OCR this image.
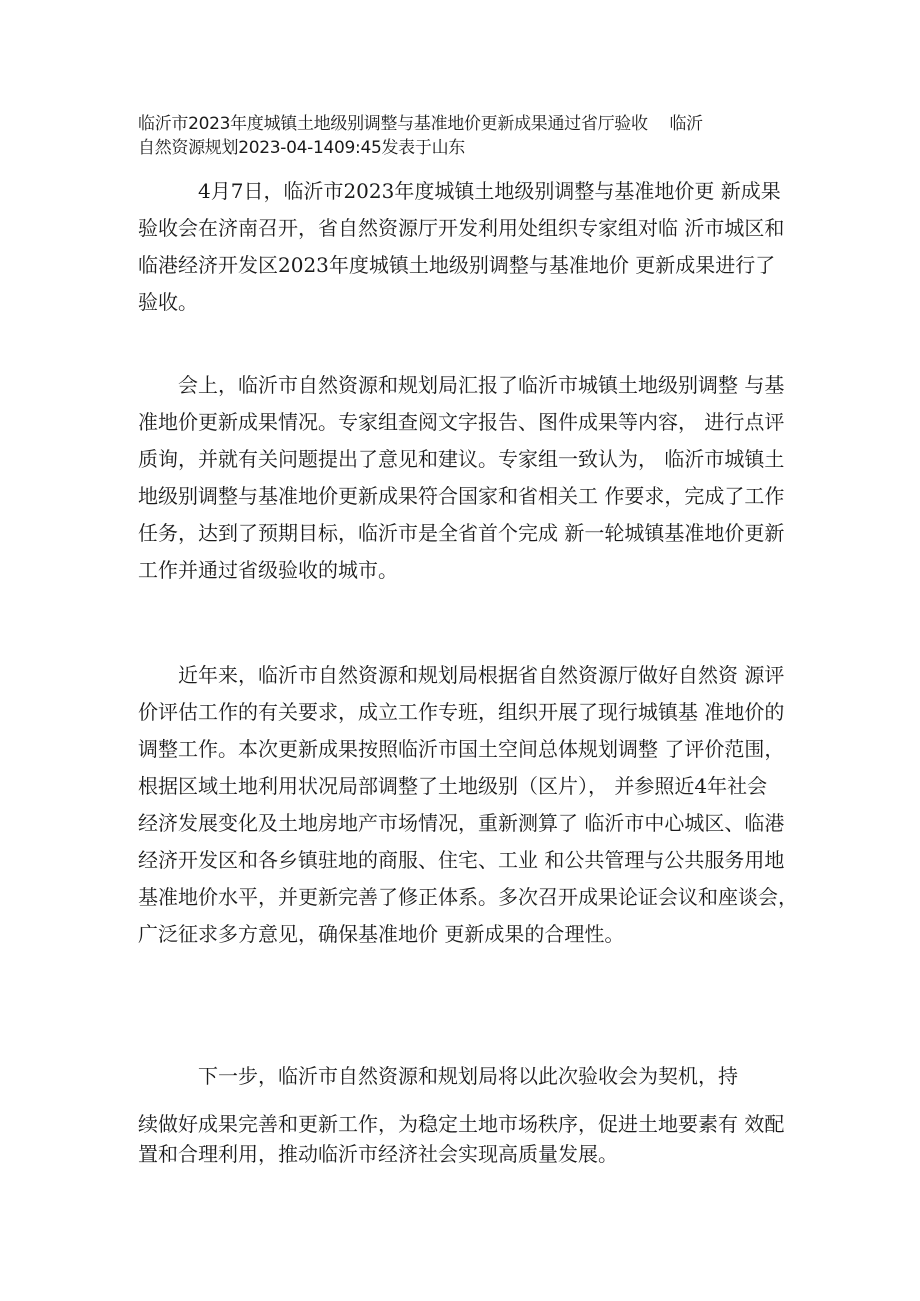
临沂市2023年度城镇土地级别调整与基准地价更新成果通过省厅验收　 临沂
自然资源规划2023-04-1409:45发表于山东
　4月7日，临沂市2023年度城镇土地级别调整与基准地价更 新成果
验收会在济南召开，省自然资源厅开发利用处组织专家组对临 沂市城区和
临港经济开发区2023年度城镇土地级别调整与基准地价 更新成果进行了
验收。
会上，临沂市自然资源和规划局汇报了临沂市城镇土地级别调整 与基
准地价更新成果情况。专家组查阅文字报告、图件成果等内容， 进行点评
质询，并就有关问题提出了意见和建议。专家组一致认为， 临沂市城镇土
地级别调整与基准地价更新成果符合国家和省相关工 作要求，完成了工作
任务，达到了预期目标，临沂市是全省首个完成 新一轮城镇基准地价更新
工作并通过省级验收的城市。
近年来，临沂市自然资源和规划局根据省自然资源厅做好自然资 源评
价评估工作的有关要求，成立工作专班，组织开展了现行城镇基 准地价的
调整工作。本次更新成果按照临沂市国土空间总体规划调整 了评价范围，
根据区域土地利用状况局部调整了土地级别（区片）， 并参照近4年社会
经济发展变化及土地房地产市场情况，重新测算了 临沂市中心城区、临港
经济开发区和各乡镇驻地的商服、住宅、工业 和公共管理与公共服务用地
基准地价水平，并更新完善了修正体系。多次召开成果论证会议和座谈会，
广泛征求多方意见，确保基准地价 更新成果的合理性。
　下一步，临沂市自然资源和规划局将以此次验收会为契机，持
续做好成果完善和更新工作，为稳定土地市场秩序，促进土地要素有 效配
置和合理利用，推动临沂市经济社会实现高质量发展。
